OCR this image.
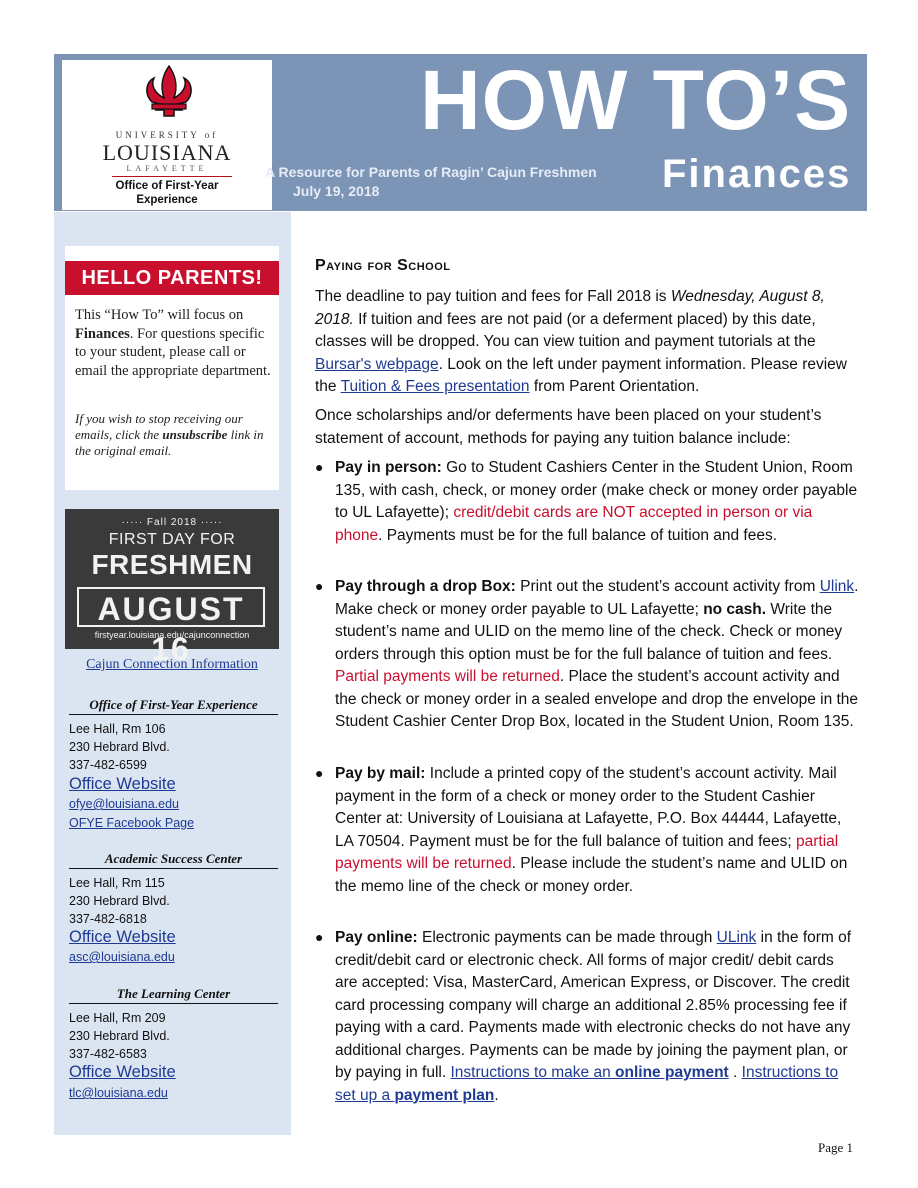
UNIVERSITY of
LOUISIANA
LAFAYETTE
Office of First-Year Experience
HOW TO’S
Finances
A Resource for Parents of Ragin’ Cajun Freshmen
July 19, 2018
HELLO PARENTS!
This “How To” will focus on Finances. For questions specific to your student, please call or email the appropriate department.
If you wish to stop receiving our emails, click the unsubscribe link in the original email.
····· Fall 2018 ·····
FIRST DAY FOR
FRESHMEN
AUGUST 16
firstyear.louisiana.edu/cajunconnection
Cajun Connection Information
Office of First-Year Experience
Lee Hall, Rm 106
230 Hebrard Blvd.
337-482-6599
Office Website
ofye@louisiana.edu
OFYE Facebook Page
Academic Success Center
Lee Hall, Rm 115
230 Hebrard Blvd.
337-482-6818
Office Website
asc@louisiana.edu
The Learning Center
Lee Hall, Rm 209
230 Hebrard Blvd.
337-482-6583
Office Website
tlc@louisiana.edu
Paying for School
The deadline to pay tuition and fees for Fall 2018 is Wednesday, August 8, 2018. If tuition and fees are not paid (or a deferment placed) by this date, classes will be dropped. You can view tuition and payment tutorials at the Bursar's webpage. Look on the left under payment information. Please review the Tuition & Fees presentation from Parent Orientation.
Once scholarships and/or deferments have been placed on your student’s statement of account, methods for paying any tuition balance include:
● Pay in person: Go to Student Cashiers Center in the Student Union, Room 135, with cash, check, or money order (make check or money order payable to UL Lafayette); credit/debit cards are NOT accepted in person or via phone. Payments must be for the full balance of tuition and fees.
● Pay through a drop Box: Print out the student’s account activity from Ulink. Make check or money order payable to UL Lafayette; no cash. Write the student’s name and ULID on the memo line of the check. Check or money orders through this option must be for the full balance of tuition and fees. Partial payments will be returned. Place the student’s account activity and the check or money order in a sealed envelope and drop the envelope in the Student Cashier Center Drop Box, located in the Student Union, Room 135.
● Pay by mail: Include a printed copy of the student’s account activity. Mail payment in the form of a check or money order to the Student Cashier Center at: University of Louisiana at Lafayette, P.O. Box 44444, Lafayette, LA 70504. Payment must be for the full balance of tuition and fees; partial payments will be returned. Please include the student’s name and ULID on the memo line of the check or money order.
● Pay online: Electronic payments can be made through ULink in the form of credit/debit card or electronic check. All forms of major credit/ debit cards are accepted: Visa, MasterCard, American Express, or Discover. The credit card processing company will charge an additional 2.85% processing fee if paying with a card. Payments made with electronic checks do not have any additional charges. Payments can be made by joining the payment plan, or by paying in full. Instructions to make an online payment . Instructions to set up a payment plan.
Page 1
